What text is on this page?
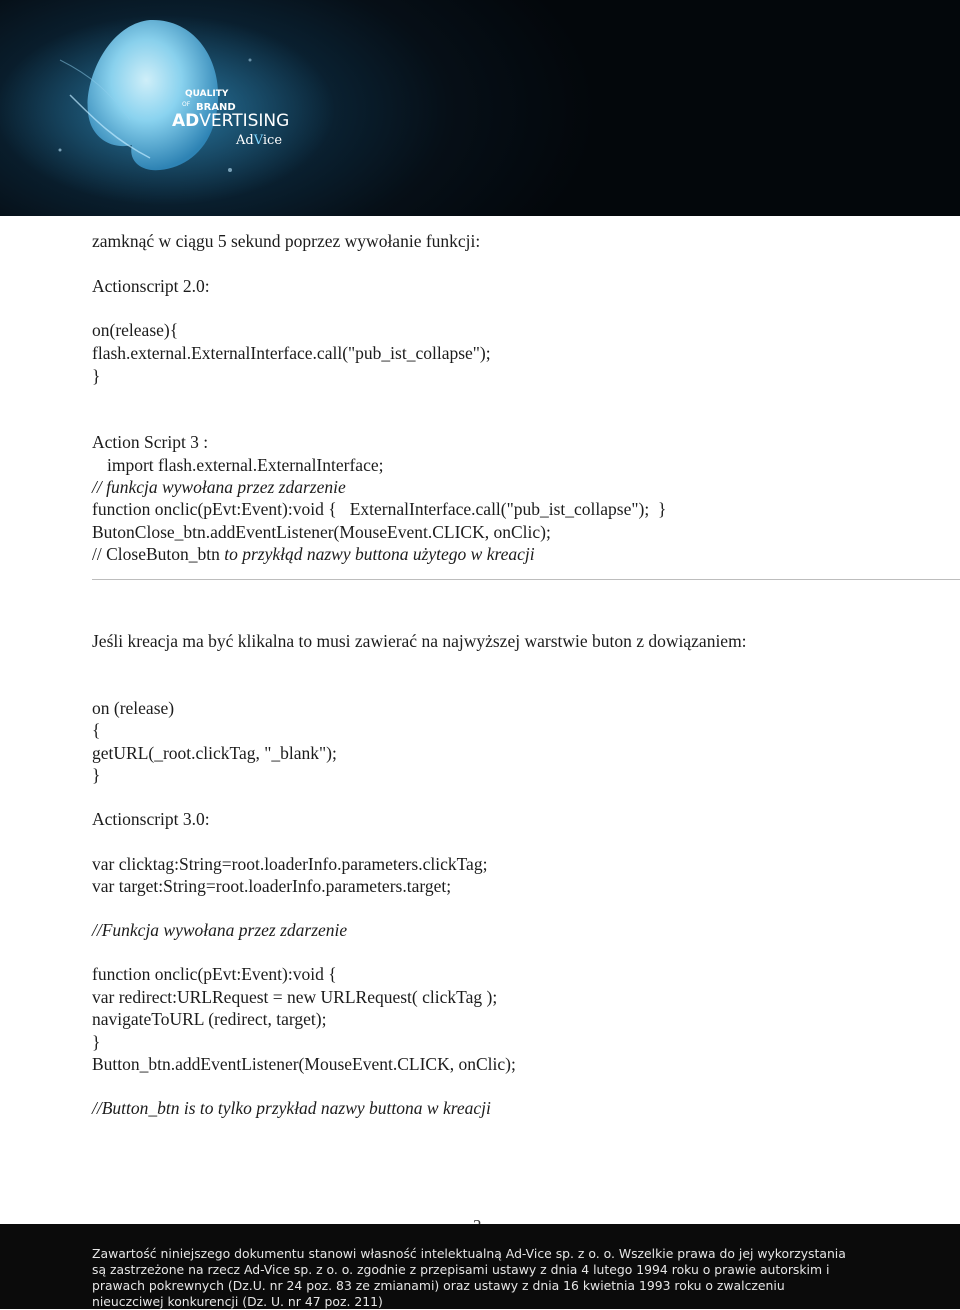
QUALITY
OF BRAND
ADVERTISING
AdVice
zamknąć w ciągu 5 sekund poprzez wywołanie funkcji:
Actionscript 2.0:
on(release){
flash.external.ExternalInterface.call("pub_ist_collapse");
}
Action Script 3 :
import flash.external.ExternalInterface;
// funkcja wywołana przez zdarzenie
function onclic(pEvt:Event):void {   ExternalInterface.call("pub_ist_collapse");  }
ButonClose_btn.addEventListener(MouseEvent.CLICK, onClic);
// CloseButon_btn to przykłąd nazwy buttona użytego w kreacji
Jeśli kreacja ma być klikalna to musi zawierać na najwyższej warstwie buton z dowiązaniem:
on (release)
{
getURL(_root.clickTag, "_blank");
}
Actionscript 3.0:
var clicktag:String=root.loaderInfo.parameters.clickTag;
var target:String=root.loaderInfo.parameters.target;
//Funkcja wywołana przez zdarzenie
function onclic(pEvt:Event):void {
var redirect:URLRequest = new URLRequest( clickTag );
navigateToURL (redirect, target);
}
Button_btn.addEventListener(MouseEvent.CLICK, onClic);
//Button_btn is to tylko przykład nazwy buttona w kreacji
Zawartość niniejszego dokumentu stanowi własność intelektualną Ad-Vice sp. z o. o. Wszelkie prawa do jej wykorzystania są zastrzeżone na rzecz Ad-Vice sp. z o. o. zgodnie z przepisami ustawy z dnia 4 lutego 1994 roku o prawie autorskim i prawach pokrewnych (Dz.U. nr 24 poz. 83 ze zmianami) oraz ustawy z dnia 16 kwietnia 1993 roku o zwalczeniu nieuczciwej konkurencji (Dz. U. nr 47 poz. 211)
